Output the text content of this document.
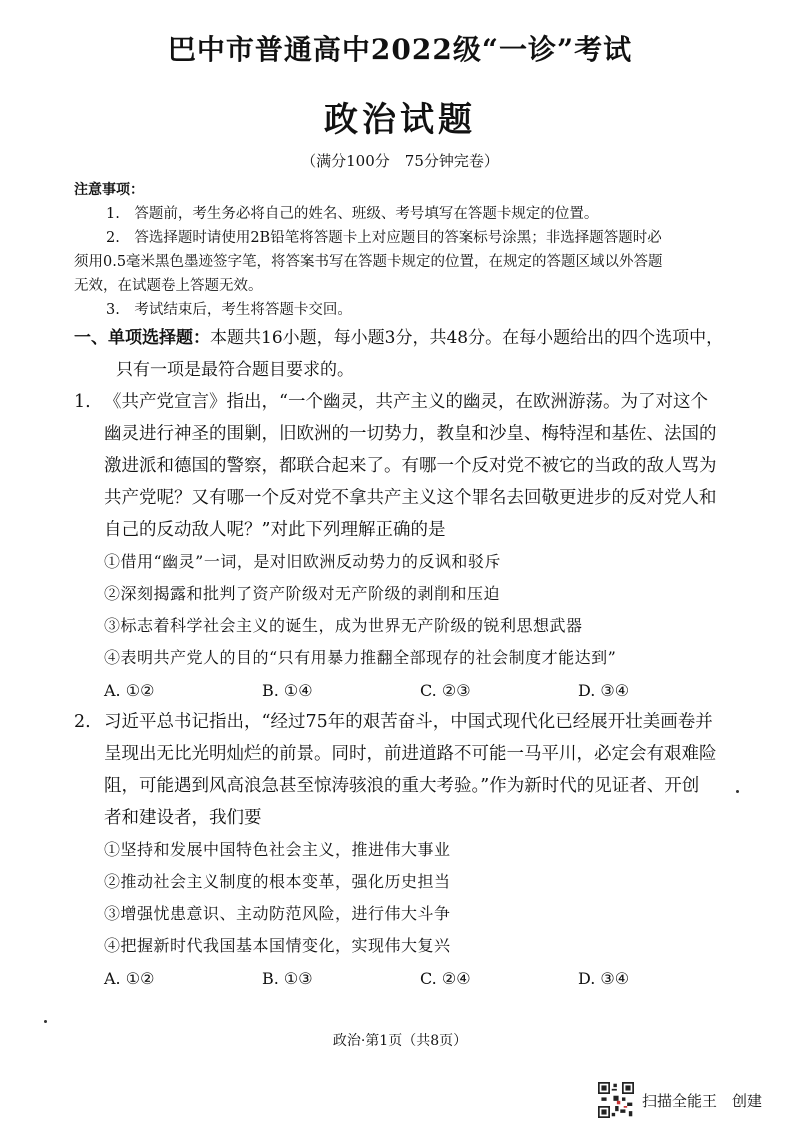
巴中市普通高中2022级“一诊”考试
政治试题
（满分100分　75分钟完卷）
注意事项：
1.　答题前，考生务必将自己的姓名、班级、考号填写在答题卡规定的位置。
2.　答选择题时请使用2B铅笔将答题卡上对应题目的答案标号涂黑；非选择题答题时必
须用0.5毫米黑色墨迹签字笔，将答案书写在答题卡规定的位置，在规定的答题区域以外答题
无效，在试题卷上答题无效。
3.　考试结束后，考生将答题卡交回。
一、单项选择题：本题共16小题，每小题3分，共48分。在每小题给出的四个选项中，
只有一项是最符合题目要求的。
1. 《共产党宣言》指出，“一个幽灵，共产主义的幽灵，在欧洲游荡。为了对这个
幽灵进行神圣的围剿，旧欧洲的一切势力，教皇和沙皇、梅特涅和基佐、法国的
激进派和德国的警察，都联合起来了。有哪一个反对党不被它的当政的敌人骂为
共产党呢？又有哪一个反对党不拿共产主义这个罪名去回敬更进步的反对党人和
自己的反动敌人呢？”对此下列理解正确的是
①借用“幽灵”一词，是对旧欧洲反动势力的反讽和驳斥
②深刻揭露和批判了资产阶级对无产阶级的剥削和压迫
③标志着科学社会主义的诞生，成为世界无产阶级的锐利思想武器
④表明共产党人的目的“只有用暴力推翻全部现存的社会制度才能达到”
A. ①②	B. ①④	C. ②③	D. ③④
2. 习近平总书记指出，“经过75年的艰苦奋斗，中国式现代化已经展开壮美画卷并
呈现出无比光明灿烂的前景。同时，前进道路不可能一马平川，必定会有艰难险
阻，可能遇到风高浪急甚至惊涛骇浪的重大考验。”作为新时代的见证者、开创
者和建设者，我们要
①坚持和发展中国特色社会主义，推进伟大事业
②推动社会主义制度的根本变革，强化历史担当
③增强忧患意识、主动防范风险，进行伟大斗争
④把握新时代我国基本国情变化，实现伟大复兴
A. ①②	B. ①③	C. ②④	D. ③④
政治·第1页（共8页）
扫描全能王　创建
